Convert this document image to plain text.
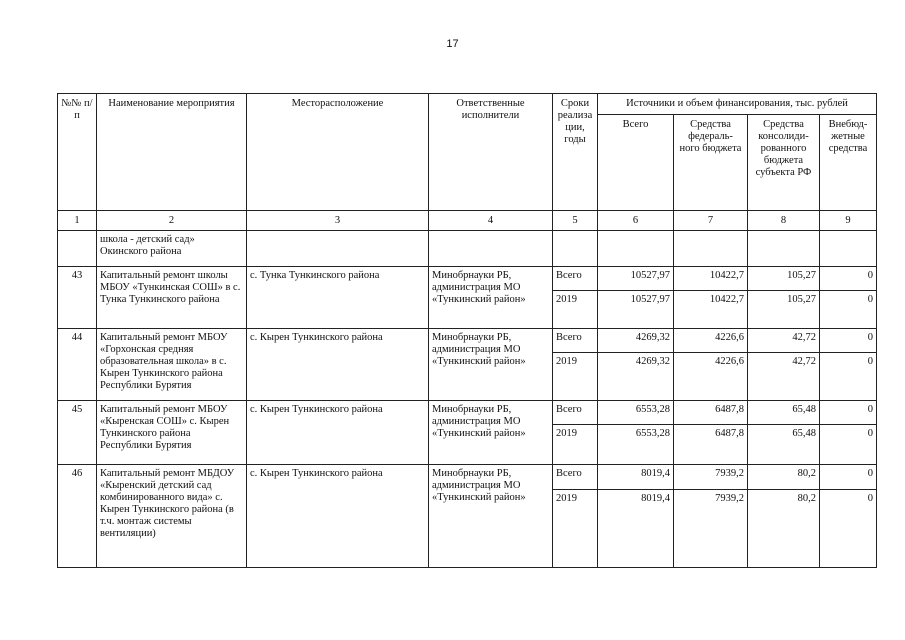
17
№№ п/п	Наименование мероприятия	Месторасположение	Ответственные исполнители	Сроки реализа ции, годы	Источники и объем финансирования, тыс. рублей			
					Всего	Средства федераль- ного бюджета	Средства консолиди- рованного бюджета субъекта РФ	Внебюд- жетные средства
1	2	3	4	5	6	7	8	9
	школа - детский сад» Окинского района							
43	Капитальный ремонт школы МБОУ «Тункинская СОШ» в с. Тунка Тункинского района	с. Тунка Тункинского района	Минобрнауки РБ, администрация МО «Тункинский район»	Всего	10527,97	10422,7	105,27	0
				2019	10527,97	10422,7	105,27	0
44	Капитальный ремонт МБОУ «Горхонская средняя образовательная школа» в с. Кырен Тункинского района Республики Бурятия	с. Кырен Тункинского района	Минобрнауки РБ, администрация МО «Тункинский район»	Всего	4269,32	4226,6	42,72	0
				2019	4269,32	4226,6	42,72	0
45	Капитальный ремонт МБОУ «Кыренская СОШ» с. Кырен Тункинского района Республики Бурятия	с. Кырен Тункинского района	Минобрнауки РБ, администрация МО «Тункинский район»	Всего	6553,28	6487,8	65,48	0
				2019	6553,28	6487,8	65,48	0
46	Капитальный ремонт МБДОУ «Кыренский детский сад комбинированного вида» с. Кырен Тункинского района (в т.ч. монтаж системы вентиляции)	с. Кырен Тункинского района	Минобрнауки РБ, администрация МО «Тункинский район»	Всего	8019,4	7939,2	80,2	0
				2019	8019,4	7939,2	80,2	0
